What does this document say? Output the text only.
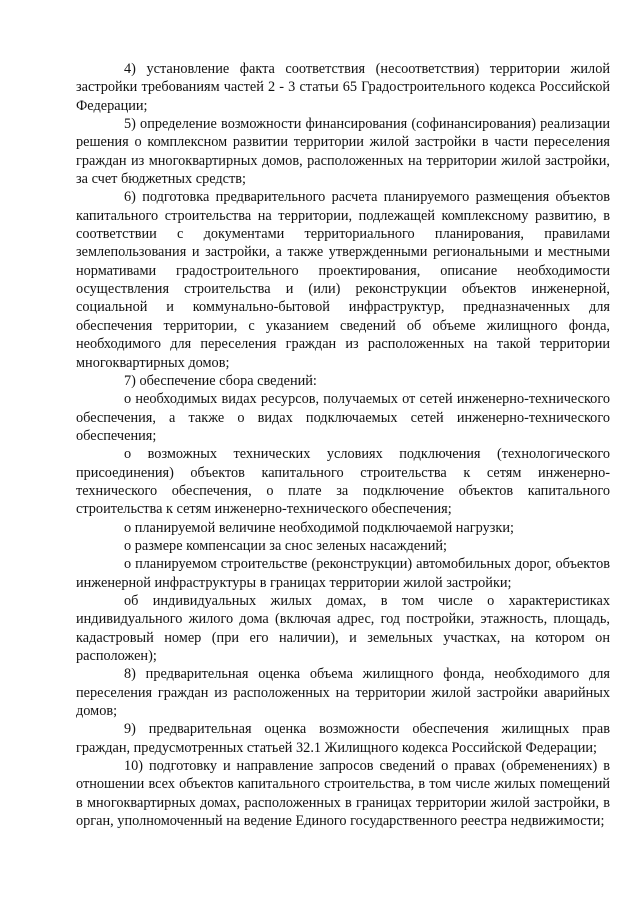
4) установление факта соответствия (несоответствия) территории жилой застройки требованиям частей 2 - 3 статьи 65 Градостроительного кодекса Российской Федерации;

5) определение возможности финансирования (софинансирования) реализации решения о комплексном развитии территории жилой застройки в части переселения граждан из многоквартирных домов, расположенных на территории жилой застройки, за счет бюджетных средств;

6) подготовка предварительного расчета планируемого размещения объектов капитального строительства на территории, подлежащей комплексному развитию, в соответствии с документами территориального планирования, правилами землепользования и застройки, а также утвержденными региональными и местными нормативами градостроительного проектирования, описание необходимости осуществления строительства и (или) реконструкции объектов инженерной, социальной и коммунально-бытовой инфраструктур, предназначенных для обеспечения территории, с указанием сведений об объеме жилищного фонда, необходимого для переселения граждан из расположенных на такой территории многоквартирных домов;

7) обеспечение сбора сведений:

о необходимых видах ресурсов, получаемых от сетей инженерно-технического обеспечения, а также о видах подключаемых сетей инженерно-технического обеспечения;

о возможных технических условиях подключения (технологического присоединения) объектов капитального строительства к сетям инженерно-технического обеспечения, о плате за подключение объектов капитального строительства к сетям инженерно-технического обеспечения;

о планируемой величине необходимой подключаемой нагрузки;

о размере компенсации за снос зеленых насаждений;

о планируемом строительстве (реконструкции) автомобильных дорог, объектов инженерной инфраструктуры в границах территории жилой застройки;

об индивидуальных жилых домах, в том числе о характеристиках индивидуального жилого дома (включая адрес, год постройки, этажность, площадь, кадастровый номер (при его наличии), и земельных участках, на котором он расположен);

8) предварительная оценка объема жилищного фонда, необходимого для переселения граждан из расположенных на территории жилой застройки аварийных домов;

9) предварительная оценка возможности обеспечения жилищных прав граждан, предусмотренных статьей 32.1 Жилищного кодекса Российской Федерации;

10) подготовку и направление запросов сведений о правах (обременениях) в отношении всех объектов капитального строительства, в том числе жилых помещений в многоквартирных домах, расположенных в границах территории жилой застройки, в орган, уполномоченный на ведение Единого государственного реестра недвижимости;
